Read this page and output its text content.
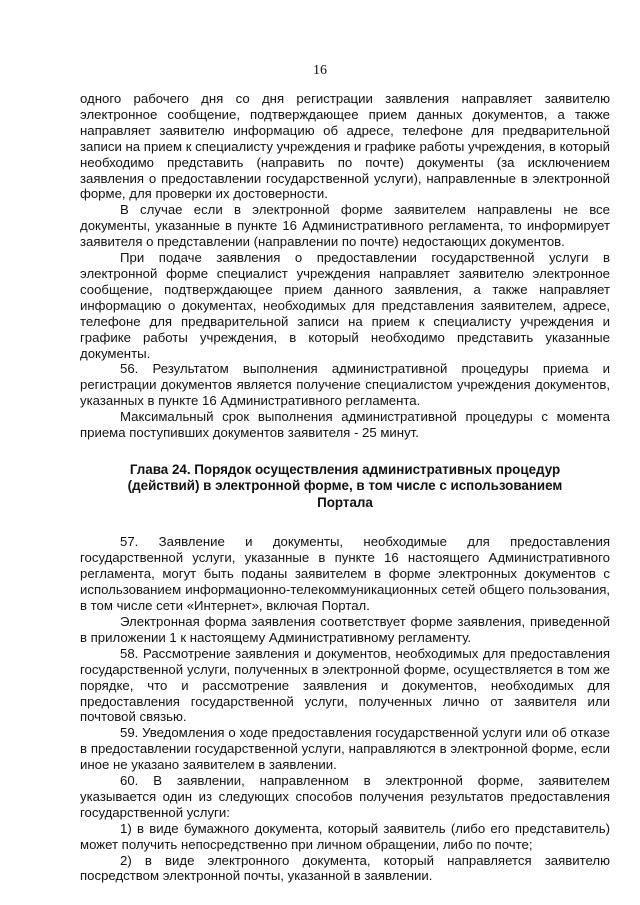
16

одного рабочего дня со дня регистрации заявления направляет заявителю электронное сообщение, подтверждающее прием данных документов, а также направляет заявителю информацию об адресе, телефоне для предварительной записи на прием к специалисту учреждения и графике работы учреждения, в который необходимо представить (направить по почте) документы (за исключением заявления о предоставлении государственной услуги), направленные в электронной форме, для проверки их достоверности.

В случае если в электронной форме заявителем направлены не все документы, указанные в пункте 16 Административного регламента, то информирует заявителя о представлении (направлении по почте) недостающих документов.

При подаче заявления о предоставлении государственной услуги в электронной форме специалист учреждения направляет заявителю электронное сообщение, подтверждающее прием данного заявления, а также направляет информацию о документах, необходимых для представления заявителем, адресе, телефоне для предварительной записи на прием к специалисту учреждения и графике работы учреждения, в который необходимо представить указанные документы.

56. Результатом выполнения административной процедуры приема и регистрации документов является получение специалистом учреждения документов, указанных в пункте 16 Административного регламента.

Максимальный срок выполнения административной процедуры с момента приема поступивших документов заявителя - 25 минут.

Глава 24. Порядок осуществления административных процедур
(действий) в электронной форме, в том числе с использованием
Портала

57. Заявление и документы, необходимые для предоставления государственной услуги, указанные в пункте 16 настоящего Административного регламента, могут быть поданы заявителем в форме электронных документов с использованием информационно-телекоммуникационных сетей общего пользования, в том числе сети «Интернет», включая Портал.

Электронная форма заявления соответствует форме заявления, приведенной в приложении 1 к настоящему Административному регламенту.

58. Рассмотрение заявления и документов, необходимых для предоставления государственной услуги, полученных в электронной форме, осуществляется в том же порядке, что и рассмотрение заявления и документов, необходимых для предоставления государственной услуги, полученных лично от заявителя или почтовой связью.

59. Уведомления о ходе предоставления государственной услуги или об отказе в предоставлении государственной услуги, направляются в электронной форме, если иное не указано заявителем в заявлении.

60. В заявлении, направленном в электронной форме, заявителем указывается один из следующих способов получения результатов предоставления государственной услуги:

1) в виде бумажного документа, который заявитель (либо его представитель) может получить непосредственно при личном обращении, либо по почте;

2) в виде электронного документа, который направляется заявителю посредством электронной почты, указанной в заявлении.
